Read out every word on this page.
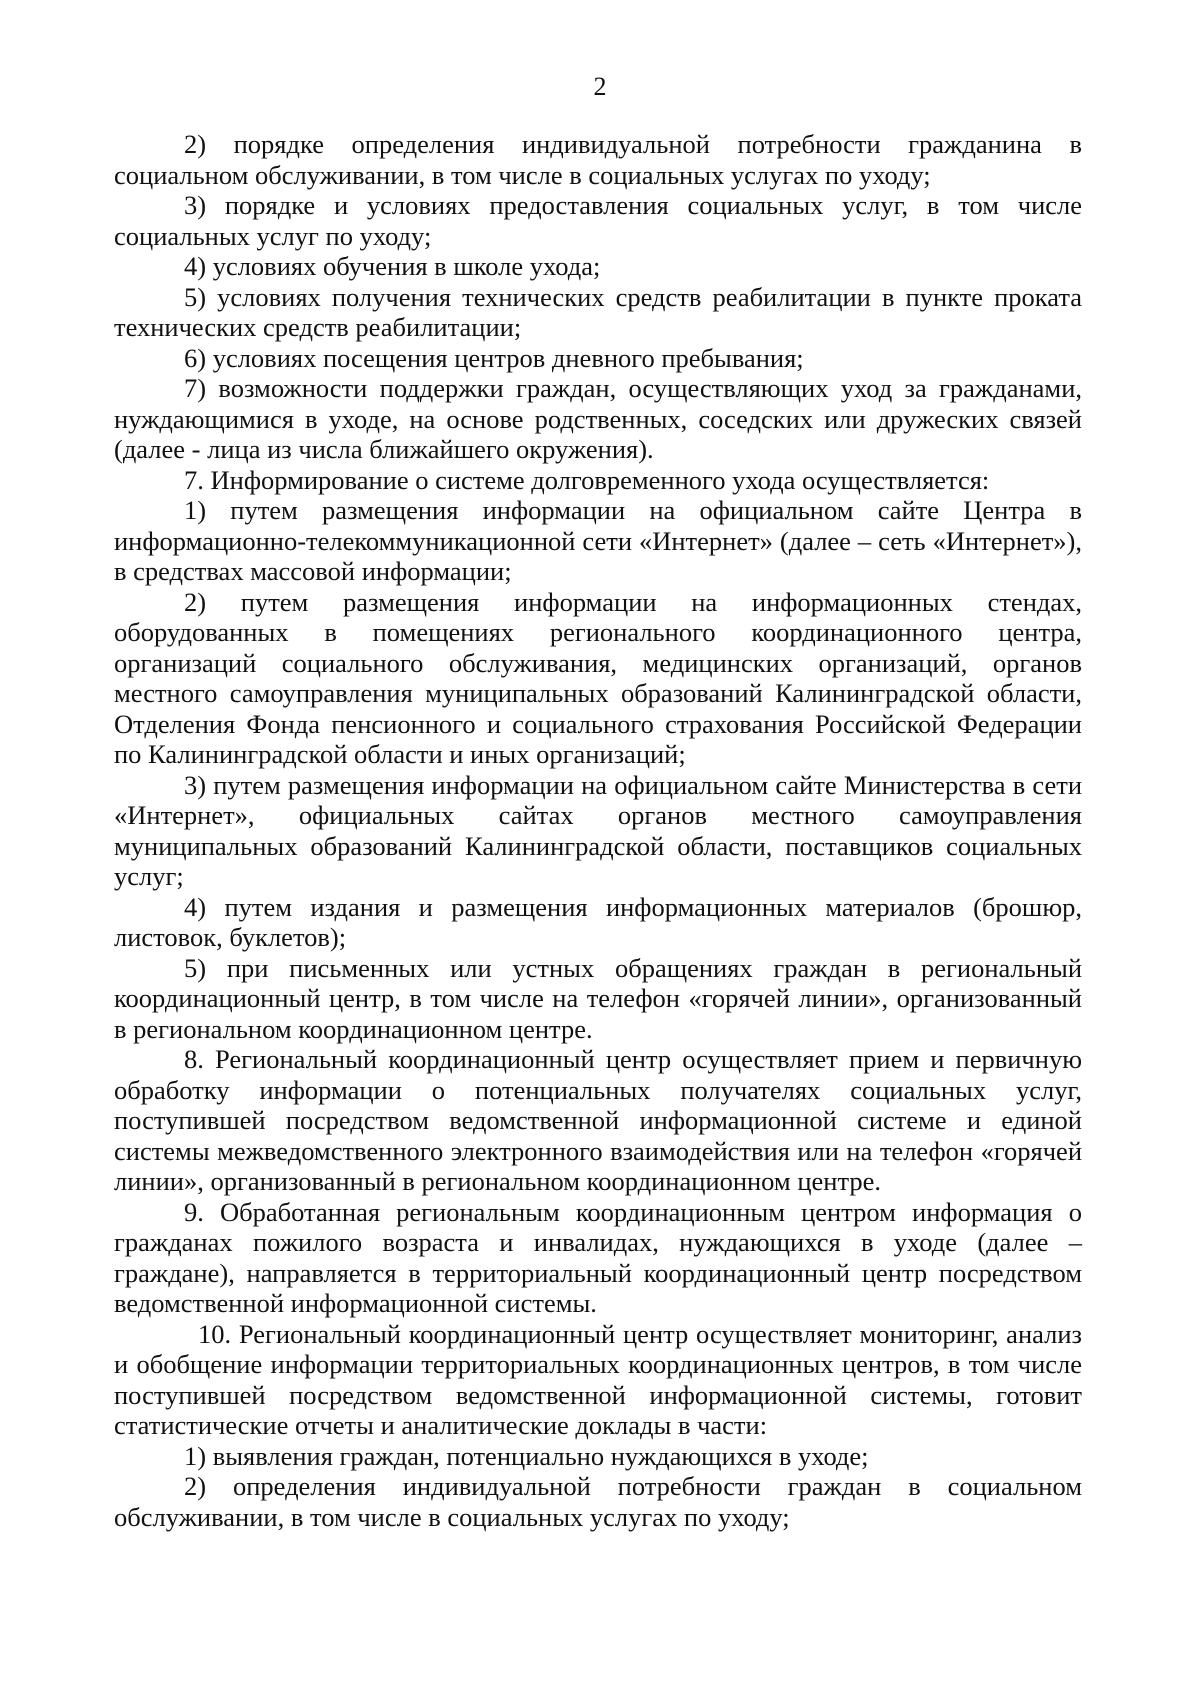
2

2) порядке определения индивидуальной потребности гражданина в социальном обслуживании, в том числе в социальных услугах по уходу;

3) порядке и условиях предоставления социальных услуг, в том числе социальных услуг по уходу;

4) условиях обучения в школе ухода;

5) условиях получения технических средств реабилитации в пункте проката технических средств реабилитации;

6) условиях посещения центров дневного пребывания;

7) возможности поддержки граждан, осуществляющих уход за гражданами, нуждающимися в уходе, на основе родственных, соседских или дружеских связей (далее - лица из числа ближайшего окружения).

7. Информирование о системе долговременного ухода осуществляется:

1) путем размещения информации на официальном сайте Центра в информационно-телекоммуникационной сети «Интернет» (далее – сеть «Интернет»), в средствах массовой информации;

2) путем размещения информации на информационных стендах, оборудованных в помещениях регионального координационного центра, организаций социального обслуживания, медицинских организаций, органов местного самоуправления муниципальных образований Калининградской области, Отделения Фонда пенсионного и социального страхования Российской Федерации по Калининградской области и иных организаций;

3) путем размещения информации на официальном сайте Министерства в сети «Интернет», официальных сайтах органов местного самоуправления муниципальных образований Калининградской области, поставщиков социальных услуг;

4) путем издания и размещения информационных материалов (брошюр, листовок, буклетов);

5) при письменных или устных обращениях граждан в региональный координационный центр, в том числе на телефон «горячей линии», организованный в региональном координационном центре.

8. Региональный координационный центр осуществляет прием и первичную обработку информации о потенциальных получателях социальных услуг, поступившей посредством ведомственной информационной системе и единой системы межведомственного электронного взаимодействия или на телефон «горячей линии», организованный в региональном координационном центре.

9. Обработанная региональным координационным центром информация о гражданах пожилого возраста и инвалидах, нуждающихся в уходе (далее – граждане), направляется в территориальный координационный центр посредством ведомственной информационной системы.

10. Региональный координационный центр осуществляет мониторинг, анализ и обобщение информации территориальных координационных центров, в том числе поступившей посредством ведомственной информационной системы, готовит статистические отчеты и аналитические доклады в части:

1) выявления граждан, потенциально нуждающихся в уходе;

2) определения индивидуальной потребности граждан в социальном обслуживании, в том числе в социальных услугах по уходу;
